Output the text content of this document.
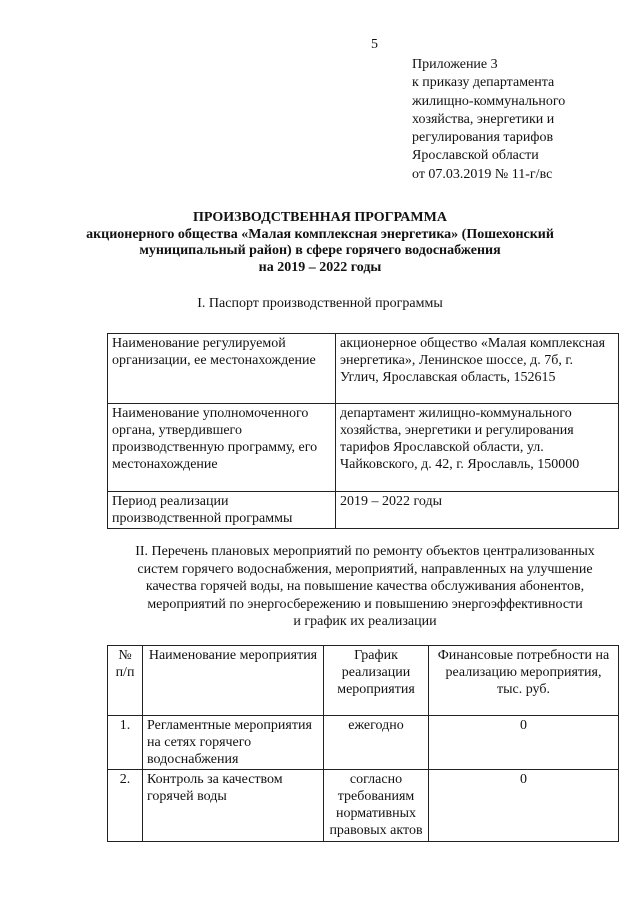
5
Приложение 3
к приказу департамента
жилищно-коммунального
хозяйства, энергетики и
регулирования тарифов
Ярославской области
от 07.03.2019 № 11-г/вс
ПРОИЗВОДСТВЕННАЯ ПРОГРАММА
акционерного общества «Малая комплексная энергетика» (Пошехонский
муниципальный район) в сфере горячего водоснабжения
на 2019 – 2022 годы
I. Паспорт производственной программы
Наименование регулируемой организации, ее местонахождение	акционерное общество «Малая комплексная энергетика», Ленинское шоссе, д. 7б, г. Углич, Ярославская область, 152615
Наименование уполномоченного органа, утвердившего производственную программу, его местонахождение	департамент жилищно-коммунального хозяйства, энергетики и регулирования тарифов Ярославской области, ул. Чайковского, д. 42, г. Ярославль, 150000
Период реализации производственной программы	2019 – 2022 годы
II. Перечень плановых мероприятий по ремонту объектов централизованных
систем горячего водоснабжения, мероприятий, направленных на улучшение
качества горячей воды, на повышение качества обслуживания абонентов,
мероприятий по энергосбережению и повышению энергоэффективности
и график их реализации
№ п/п	Наименование мероприятия	График реализации мероприятия	Финансовые потребности на реализацию мероприятия, тыс. руб.
1.	Регламентные мероприятия на сетях горячего водоснабжения	ежегодно	0
2.	Контроль за качеством горячей воды	согласно требованиям нормативных правовых актов	0
